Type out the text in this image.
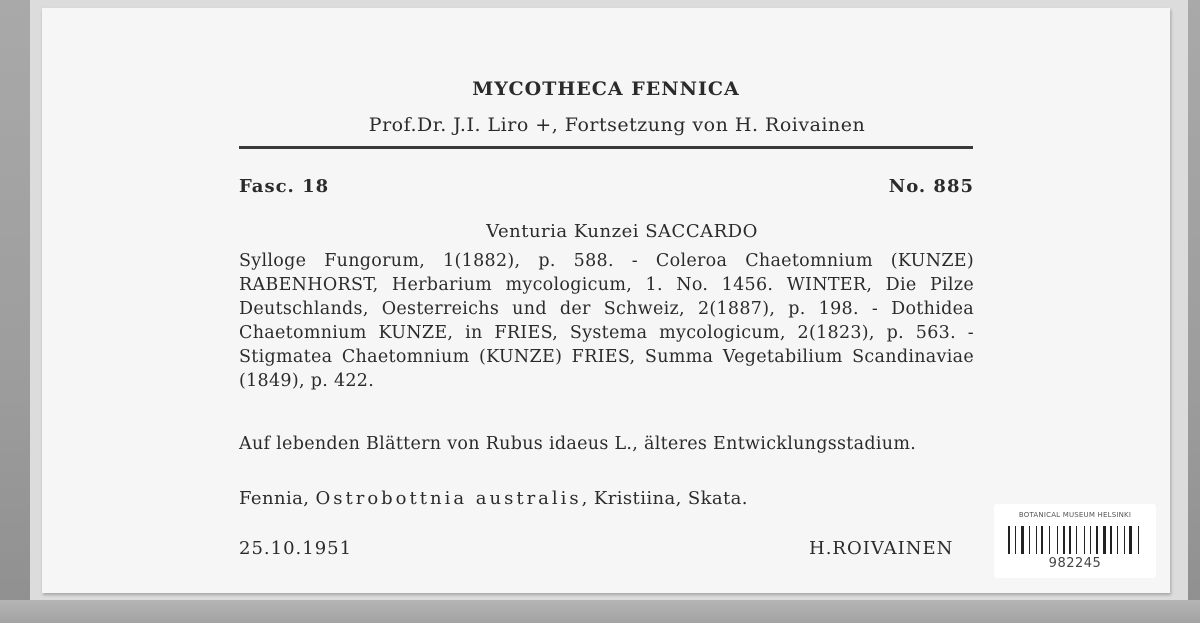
MYCOTHECA FENNICA
Prof.Dr. J.I. Liro +, Fortsetzung von H. Roivainen
Fasc. 18	No. 885
Venturia Kunzei SACCARDO
Sylloge Fungorum, 1(1882), p. 588. - Coleroa Chaetomnium (KUNZE) RABENHORST, Herbarium mycologicum, 1. No. 1456. WINTER, Die Pilze Deutschlands, Oesterreichs und der Schweiz, 2(1887), p. 198. - Dothidea Chaetomnium KUNZE, in FRIES, Systema mycologicum, 2(1823), p. 563. - Stigmatea Chaetomnium (KUNZE) FRIES, Summa Vegetabilium Scandinaviae (1849), p. 422.
Auf lebenden Blättern von Rubus idaeus L., älteres Entwicklungsstadium.
Fennia, Ostrobottnia australis, Kristiina, Skata.
25.10.1951	H.ROIVAINEN
BOTANICAL MUSEUM HELSINKI
982245
